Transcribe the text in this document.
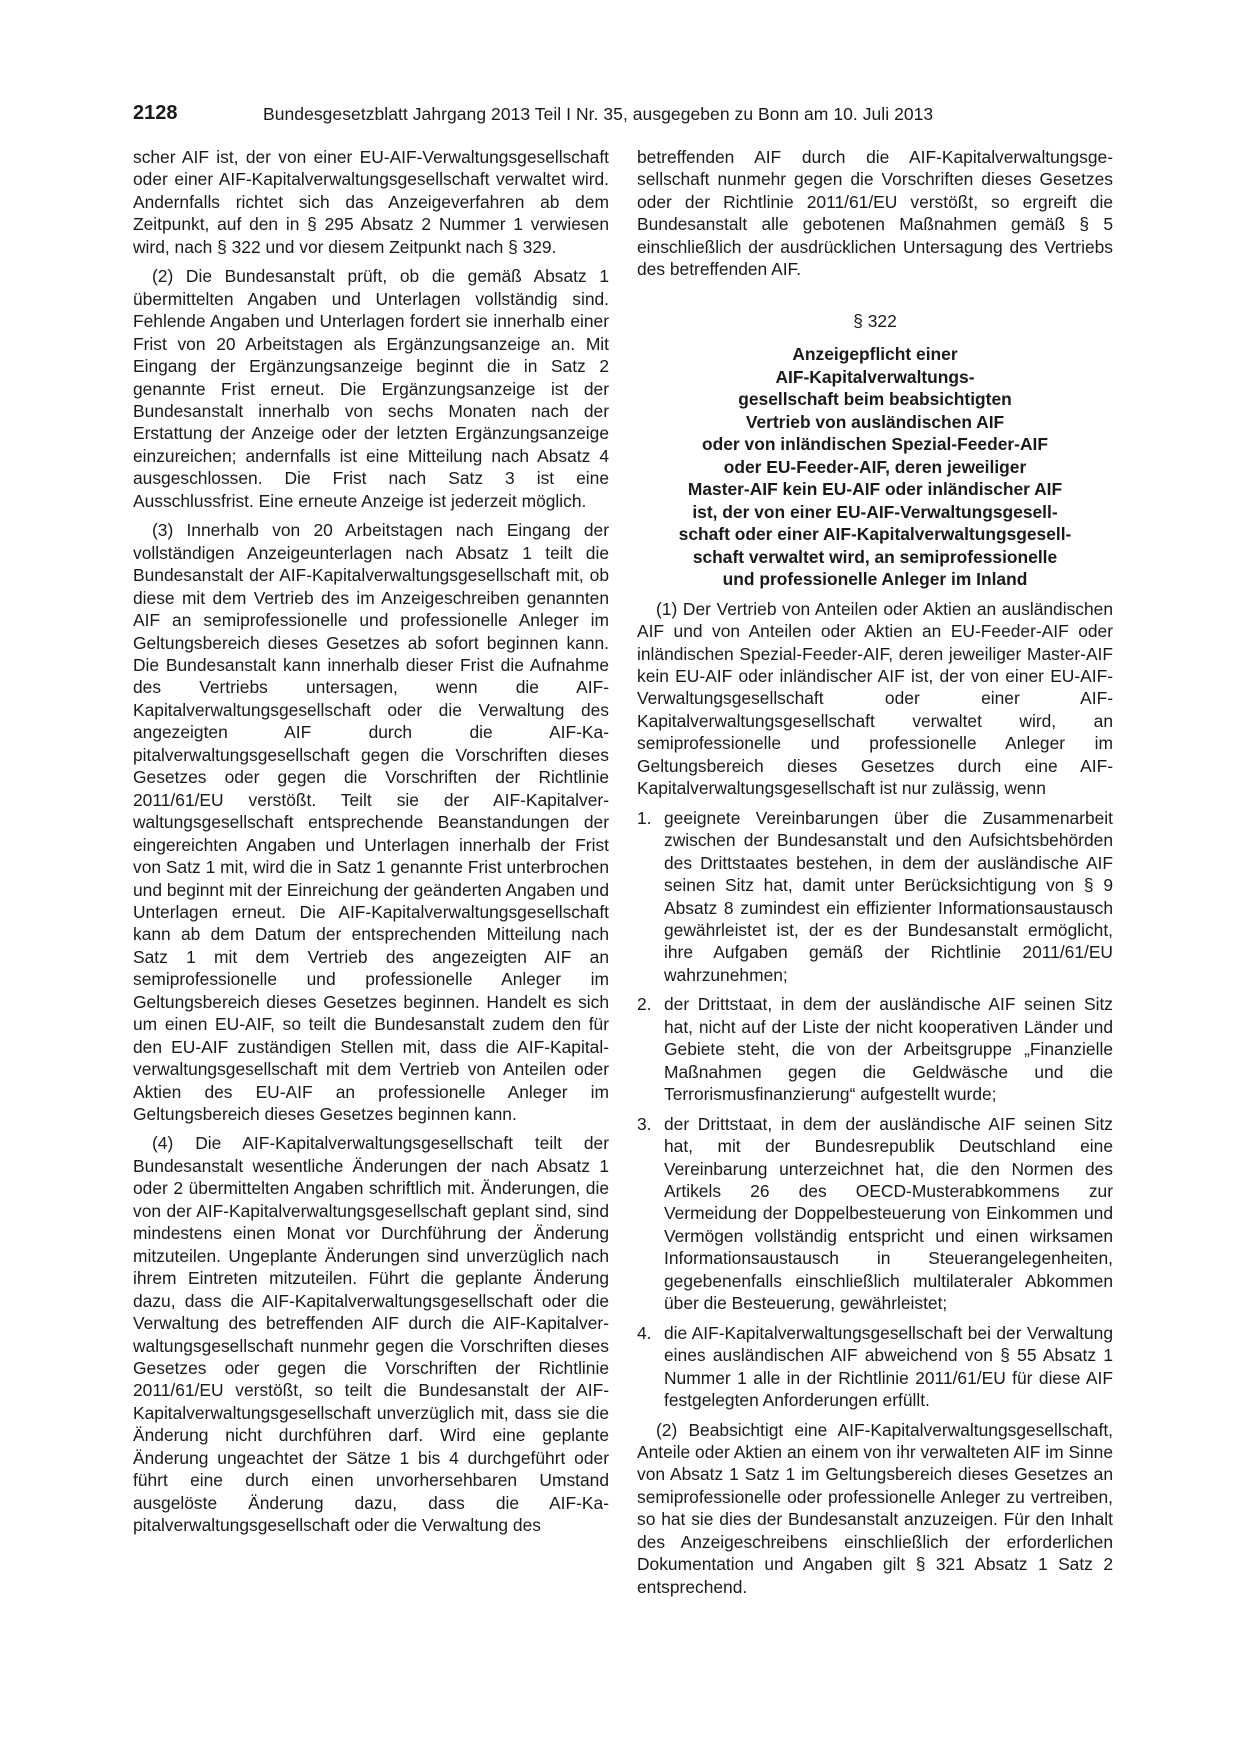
2128	Bundesgesetzblatt Jahrgang 2013 Teil I Nr. 35, ausgegeben zu Bonn am 10. Juli 2013

scher AIF ist, der von einer EU-AIF-Verwaltungsgesellschaft oder einer AIF-Kapitalverwaltungsgesellschaft verwaltet wird. Andernfalls richtet sich das Anzeigeverfahren ab dem Zeitpunkt, auf den in § 295 Absatz 2 Nummer 1 verwiesen wird, nach § 322 und vor diesem Zeitpunkt nach § 329.

(2) Die Bundesanstalt prüft, ob die gemäß Absatz 1 übermittelten Angaben und Unterlagen vollständig sind. Fehlende Angaben und Unterlagen fordert sie innerhalb einer Frist von 20 Arbeitstagen als Ergänzungsanzeige an. Mit Eingang der Ergänzungsanzeige beginnt die in Satz 2 genannte Frist erneut. Die Ergänzungsanzeige ist der Bundesanstalt innerhalb von sechs Monaten nach der Erstattung der Anzeige oder der letzten Ergänzungsanzeige einzureichen; andernfalls ist eine Mitteilung nach Absatz 4 ausgeschlossen. Die Frist nach Satz 3 ist eine Ausschlussfrist. Eine erneute Anzeige ist jederzeit möglich.

(3) Innerhalb von 20 Arbeitstagen nach Eingang der vollständigen Anzeigeunterlagen nach Absatz 1 teilt die Bundesanstalt der AIF-Kapitalverwaltungsgesellschaft mit, ob diese mit dem Vertrieb des im Anzeigeschreiben genannten AIF an semiprofessionelle und professionelle Anleger im Geltungsbereich dieses Gesetzes ab sofort beginnen kann. Die Bundesanstalt kann innerhalb dieser Frist die Aufnahme des Vertriebs untersagen, wenn die AIF-Kapitalverwaltungsgesellschaft oder die Verwaltung des angezeigten AIF durch die AIF-Kapitalverwaltungsgesellschaft gegen die Vorschriften dieses Gesetzes oder gegen die Vorschriften der Richtlinie 2011/61/EU verstößt. Teilt sie der AIF-Kapitalverwaltungsgesellschaft entsprechende Beanstandungen der eingereichten Angaben und Unterlagen innerhalb der Frist von Satz 1 mit, wird die in Satz 1 genannte Frist unterbrochen und beginnt mit der Einreichung der geänderten Angaben und Unterlagen erneut. Die AIF-Kapitalverwaltungsgesellschaft kann ab dem Datum der entsprechenden Mitteilung nach Satz 1 mit dem Vertrieb des angezeigten AIF an semiprofessionelle und professionelle Anleger im Geltungsbereich dieses Gesetzes beginnen. Handelt es sich um einen EU-AIF, so teilt die Bundesanstalt zudem den für den EU-AIF zuständigen Stellen mit, dass die AIF-Kapitalverwaltungsgesellschaft mit dem Vertrieb von Anteilen oder Aktien des EU-AIF an professionelle Anleger im Geltungsbereich dieses Gesetzes beginnen kann.

(4) Die AIF-Kapitalverwaltungsgesellschaft teilt der Bundesanstalt wesentliche Änderungen der nach Absatz 1 oder 2 übermittelten Angaben schriftlich mit. Änderungen, die von der AIF-Kapitalverwaltungsgesellschaft geplant sind, sind mindestens einen Monat vor Durchführung der Änderung mitzuteilen. Ungeplante Änderungen sind unverzüglich nach ihrem Eintreten mitzuteilen. Führt die geplante Änderung dazu, dass die AIF-Kapitalverwaltungsgesellschaft oder die Verwaltung des betreffenden AIF durch die AIF-Kapitalverwaltungsgesellschaft nunmehr gegen die Vorschriften dieses Gesetzes oder gegen die Vorschriften der Richtlinie 2011/61/EU verstößt, so teilt die Bundesanstalt der AIF-Kapitalverwaltungsgesellschaft unverzüglich mit, dass sie die Änderung nicht durchführen darf. Wird eine geplante Änderung ungeachtet der Sätze 1 bis 4 durchgeführt oder führt eine durch einen unvorhersehbaren Umstand ausgelöste Änderung dazu, dass die AIF-Kapitalverwaltungsgesellschaft oder die Verwaltung des

betreffenden AIF durch die AIF-Kapitalverwaltungsgesellschaft nunmehr gegen die Vorschriften dieses Gesetzes oder der Richtlinie 2011/61/EU verstößt, so ergreift die Bundesanstalt alle gebotenen Maßnahmen gemäß § 5 einschließlich der ausdrücklichen Untersagung des Vertriebs des betreffenden AIF.

§ 322
Anzeigepflicht einer
AIF-Kapitalverwaltungs-
gesellschaft beim beabsichtigten
Vertrieb von ausländischen AIF
oder von inländischen Spezial-Feeder-AIF
oder EU-Feeder-AIF, deren jeweiliger
Master-AIF kein EU-AIF oder inländischer AIF
ist, der von einer EU-AIF-Verwaltungsgesell-
schaft oder einer AIF-Kapitalverwaltungsgesell-
schaft verwaltet wird, an semiprofessionelle
und professionelle Anleger im Inland

(1) Der Vertrieb von Anteilen oder Aktien an ausländischen AIF und von Anteilen oder Aktien an EU-Feeder-AIF oder inländischen Spezial-Feeder-AIF, deren jeweiliger Master-AIF kein EU-AIF oder inländischer AIF ist, der von einer EU-AIF-Verwaltungsgesellschaft oder einer AIF-Kapitalverwaltungsgesellschaft verwaltet wird, an semiprofessionelle und professionelle Anleger im Geltungsbereich dieses Gesetzes durch eine AIF-Kapitalverwaltungsgesellschaft ist nur zulässig, wenn

1. geeignete Vereinbarungen über die Zusammenarbeit zwischen der Bundesanstalt und den Aufsichtsbehörden des Drittstaates bestehen, in dem der ausländische AIF seinen Sitz hat, damit unter Berücksichtigung von § 9 Absatz 8 zumindest ein effizienter Informationsaustausch gewährleistet ist, der es der Bundesanstalt ermöglicht, ihre Aufgaben gemäß der Richtlinie 2011/61/EU wahrzunehmen;
2. der Drittstaat, in dem der ausländische AIF seinen Sitz hat, nicht auf der Liste der nicht kooperativen Länder und Gebiete steht, die von der Arbeitsgruppe „Finanzielle Maßnahmen gegen die Geldwäsche und die Terrorismusfinanzierung“ aufgestellt wurde;
3. der Drittstaat, in dem der ausländische AIF seinen Sitz hat, mit der Bundesrepublik Deutschland eine Vereinbarung unterzeichnet hat, die den Normen des Artikels 26 des OECD-Musterabkommens zur Vermeidung der Doppelbesteuerung von Einkommen und Vermögen vollständig entspricht und einen wirksamen Informationsaustausch in Steuerangelegenheiten, gegebenenfalls einschließlich multilateraler Abkommen über die Besteuerung, gewährleistet;
4. die AIF-Kapitalverwaltungsgesellschaft bei der Verwaltung eines ausländischen AIF abweichend von § 55 Absatz 1 Nummer 1 alle in der Richtlinie 2011/61/EU für diese AIF festgelegten Anforderungen erfüllt.

(2) Beabsichtigt eine AIF-Kapitalverwaltungsgesellschaft, Anteile oder Aktien an einem von ihr verwalteten AIF im Sinne von Absatz 1 Satz 1 im Geltungsbereich dieses Gesetzes an semiprofessionelle oder professionelle Anleger zu vertreiben, so hat sie dies der Bundesanstalt anzuzeigen. Für den Inhalt des Anzeigeschreibens einschließlich der erforderlichen Dokumentation und Angaben gilt § 321 Absatz 1 Satz 2 entsprechend.
